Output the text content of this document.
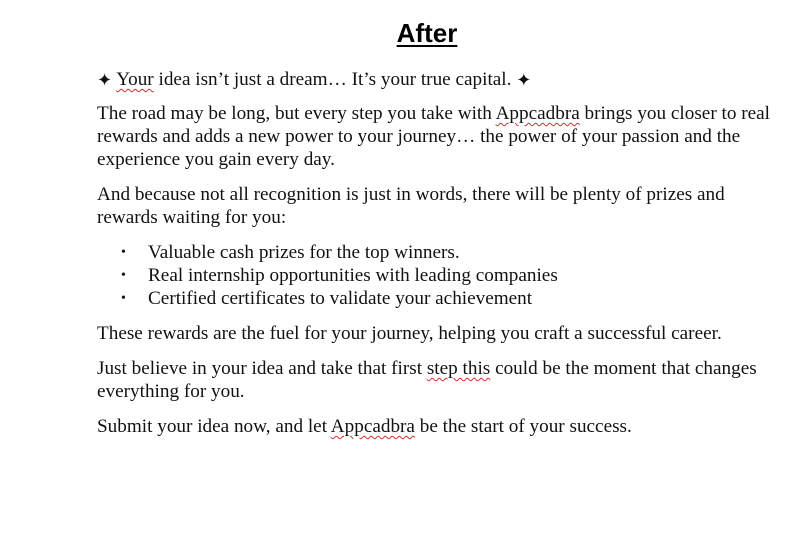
After

✦ Your idea isn’t just a dream… It’s your true capital. ✦

The road may be long, but every step you take with Appcadbra brings you closer to real rewards and adds a new power to your journey… the power of your passion and the experience you gain every day.

And because not all recognition is just in words, there will be plenty of prizes and rewards waiting for you:

• Valuable cash prizes for the top winners.
• Real internship opportunities with leading companies
• Certified certificates to validate your achievement

These rewards are the fuel for your journey, helping you craft a successful career.

Just believe in your idea and take that first step this could be the moment that changes everything for you.

Submit your idea now, and let Appcadbra be the start of your success.
